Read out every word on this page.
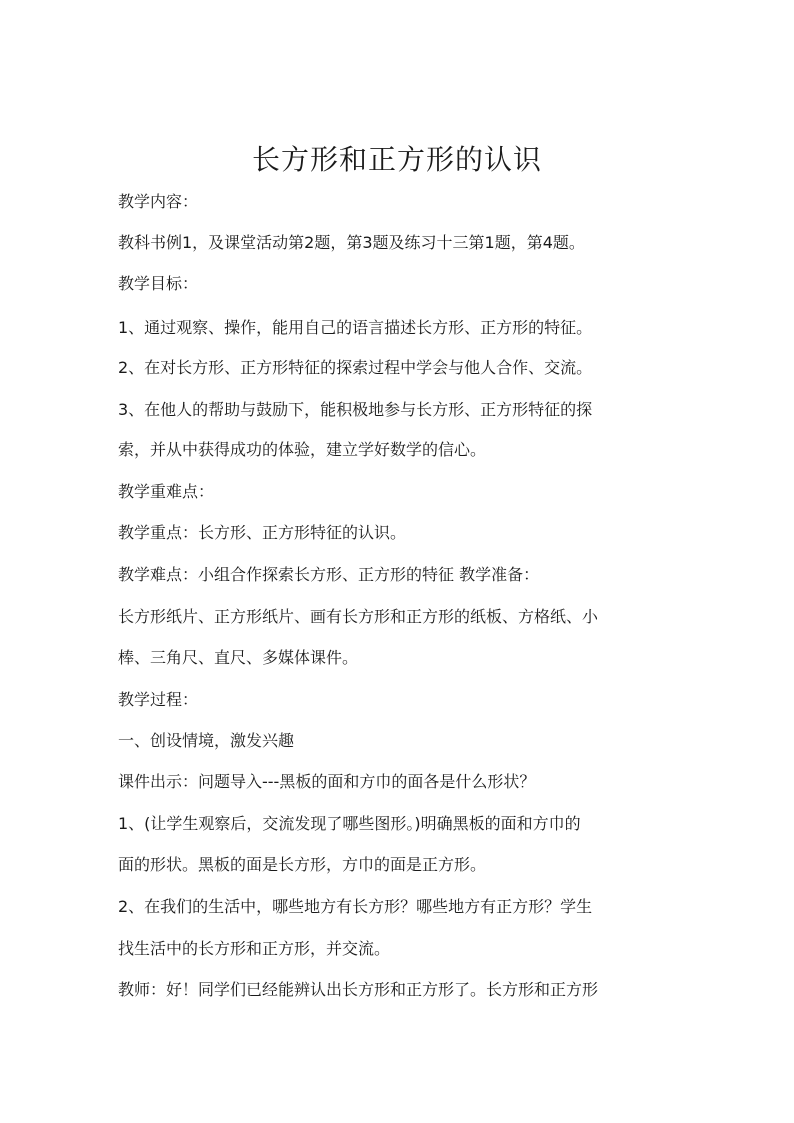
长方形和正方形的认识

教学内容：

教科书例1，及课堂活动第2题，第3题及练习十三第1题，第4题。

教学目标：

1、通过观察、操作，能用自己的语言描述长方形、正方形的特征。

2、在对长方形、正方形特征的探索过程中学会与他人合作、交流。

3、在他人的帮助与鼓励下，能积极地参与长方形、正方形特征的探

索，并从中获得成功的体验，建立学好数学的信心。

教学重难点：

教学重点：长方形、正方形特征的认识。

教学难点：小组合作探索长方形、正方形的特征 教学准备：

长方形纸片、正方形纸片、画有长方形和正方形的纸板、方格纸、小

棒、三角尺、直尺、多媒体课件。

教学过程：

一、创设情境，激发兴趣

课件出示：问题导入---黑板的面和方巾的面各是什么形状？

1、(让学生观察后，交流发现了哪些图形。)明确黑板的面和方巾的

面的形状。黑板的面是长方形，方巾的面是正方形。

2、在我们的生活中，哪些地方有长方形？哪些地方有正方形？学生

找生活中的长方形和正方形，并交流。

教师：好！同学们已经能辨认出长方形和正方形了。长方形和正方形
